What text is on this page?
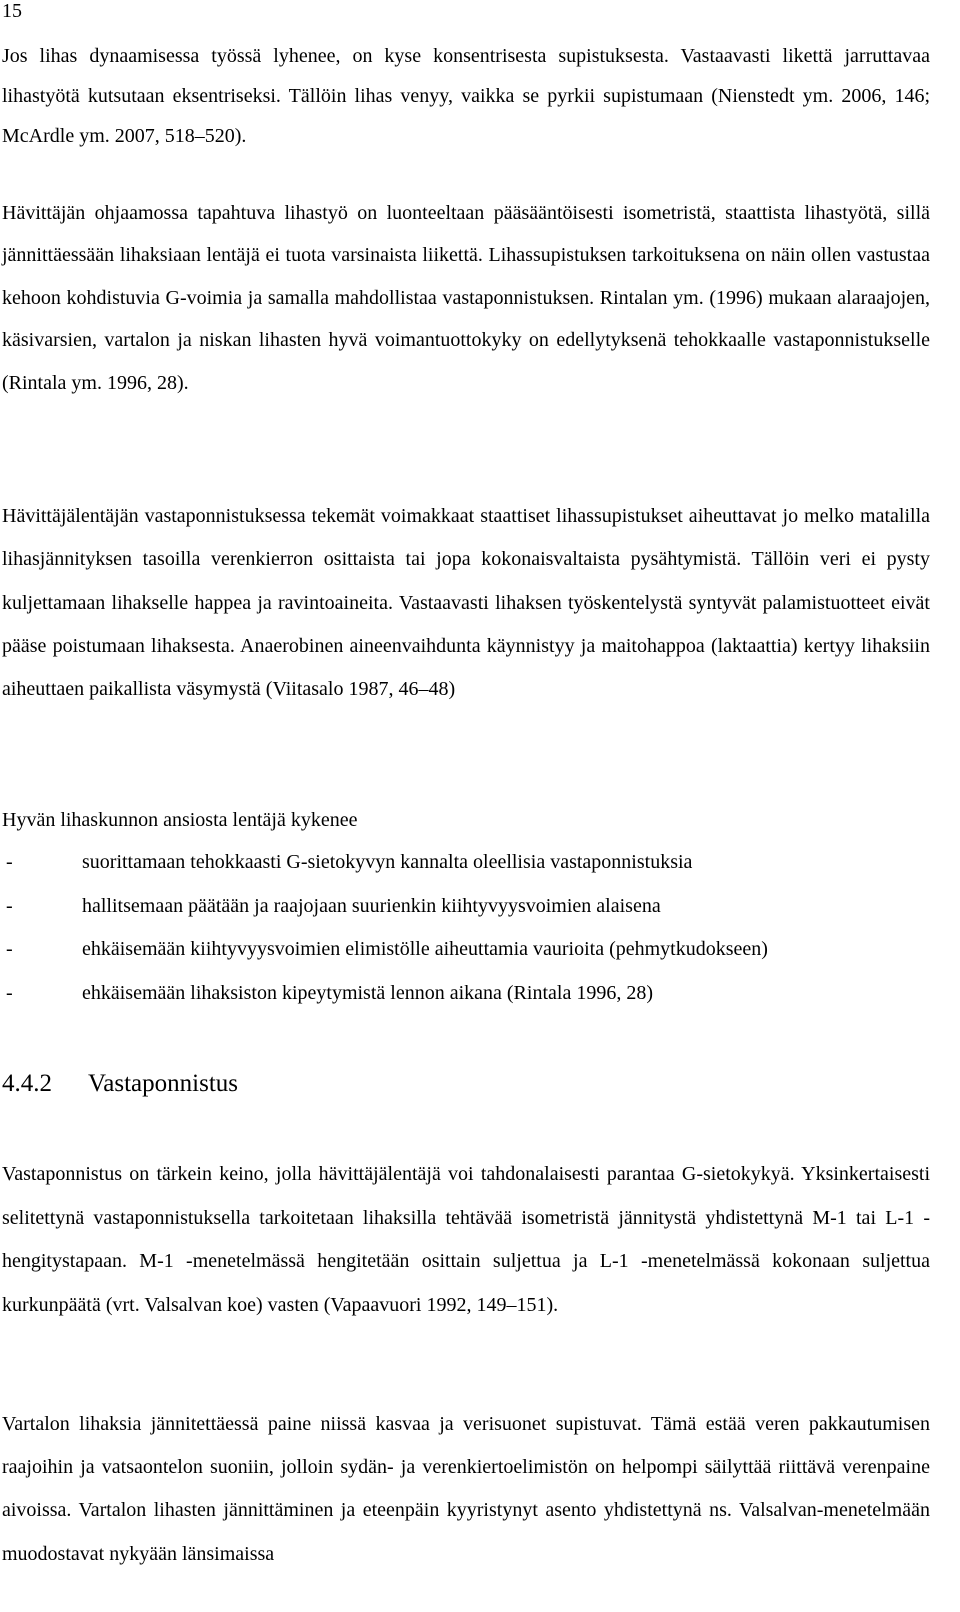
15

Jos lihas dynaamisessa työssä lyhenee, on kyse konsentrisesta supistuksesta. Vastaavasti likettä jarruttavaa lihastyötä kutsutaan eksentriseksi. Tällöin lihas venyy, vaikka se pyrkii supistumaan (Nienstedt ym. 2006, 146; McArdle ym. 2007, 518–520).

Hävittäjän ohjaamossa tapahtuva lihastyö on luonteeltaan pääsääntöisesti isometristä, staattista lihastyötä, sillä jännittäessään lihaksiaan lentäjä ei tuota varsinaista liikettä. Lihassupistuksen tarkoituksena on näin ollen vastustaa kehoon kohdistuvia G-voimia ja samalla mahdollistaa vastaponnistuksen. Rintalan ym. (1996) mukaan alaraajojen, käsivarsien, vartalon ja niskan lihasten hyvä voimantuottokyky on edellytyksenä tehokkaalle vastaponnistukselle (Rintala ym. 1996, 28).

Hävittäjälentäjän vastaponnistuksessa tekemät voimakkaat staattiset lihassupistukset aiheuttavat jo melko matalilla lihasjännityksen tasoilla verenkierron osittaista tai jopa kokonaisvaltaista pysähtymistä. Tällöin veri ei pysty kuljettamaan lihakselle happea ja ravintoaineita. Vastaavasti lihaksen työskentelystä syntyvät palamistuotteet eivät pääse poistumaan lihaksesta. Anaerobinen aineenvaihdunta käynnistyy ja maitohappoa (laktaattia) kertyy lihaksiin aiheuttaen paikallista väsymystä (Viitasalo 1987, 46–48)

Hyvän lihaskunnon ansiosta lentäjä kykenee

-	suorittamaan tehokkaasti G-sietokyvyn kannalta oleellisia vastaponnistuksia
-	hallitsemaan päätään ja raajojaan suurienkin kiihtyvyysvoimien alaisena
-	ehkäisemään kiihtyvyysvoimien elimistölle aiheuttamia vaurioita (pehmytkudokseen)
-	ehkäisemään lihaksiston kipeytymistä lennon aikana (Rintala 1996, 28)
4.4.2	Vastaponnistus

Vastaponnistus on tärkein keino, jolla hävittäjälentäjä voi tahdonalaisesti parantaa G-sietokykyä. Yksinkertaisesti selitettynä vastaponnistuksella tarkoitetaan lihaksilla tehtävää isometristä jännitystä yhdistettynä M-1 tai L-1 -hengitystapaan. M-1 -menetelmässä hengitetään osittain suljettua ja L-1 -menetelmässä kokonaan suljettua kurkunpäätä (vrt. Valsalvan koe) vasten (Vapaavuori 1992, 149–151).

Vartalon lihaksia jännitettäessä paine niissä kasvaa ja verisuonet supistuvat. Tämä estää veren pakkautumisen raajoihin ja vatsaontelon suoniin, jolloin sydän- ja verenkiertoelimistön on helpompi säilyttää riittävä verenpaine aivoissa. Vartalon lihasten jännittäminen ja eteenpäin kyyristynyt asento yhdistettynä ns. Valsalvan-menetelmään muodostavat nykyään länsimaissa
